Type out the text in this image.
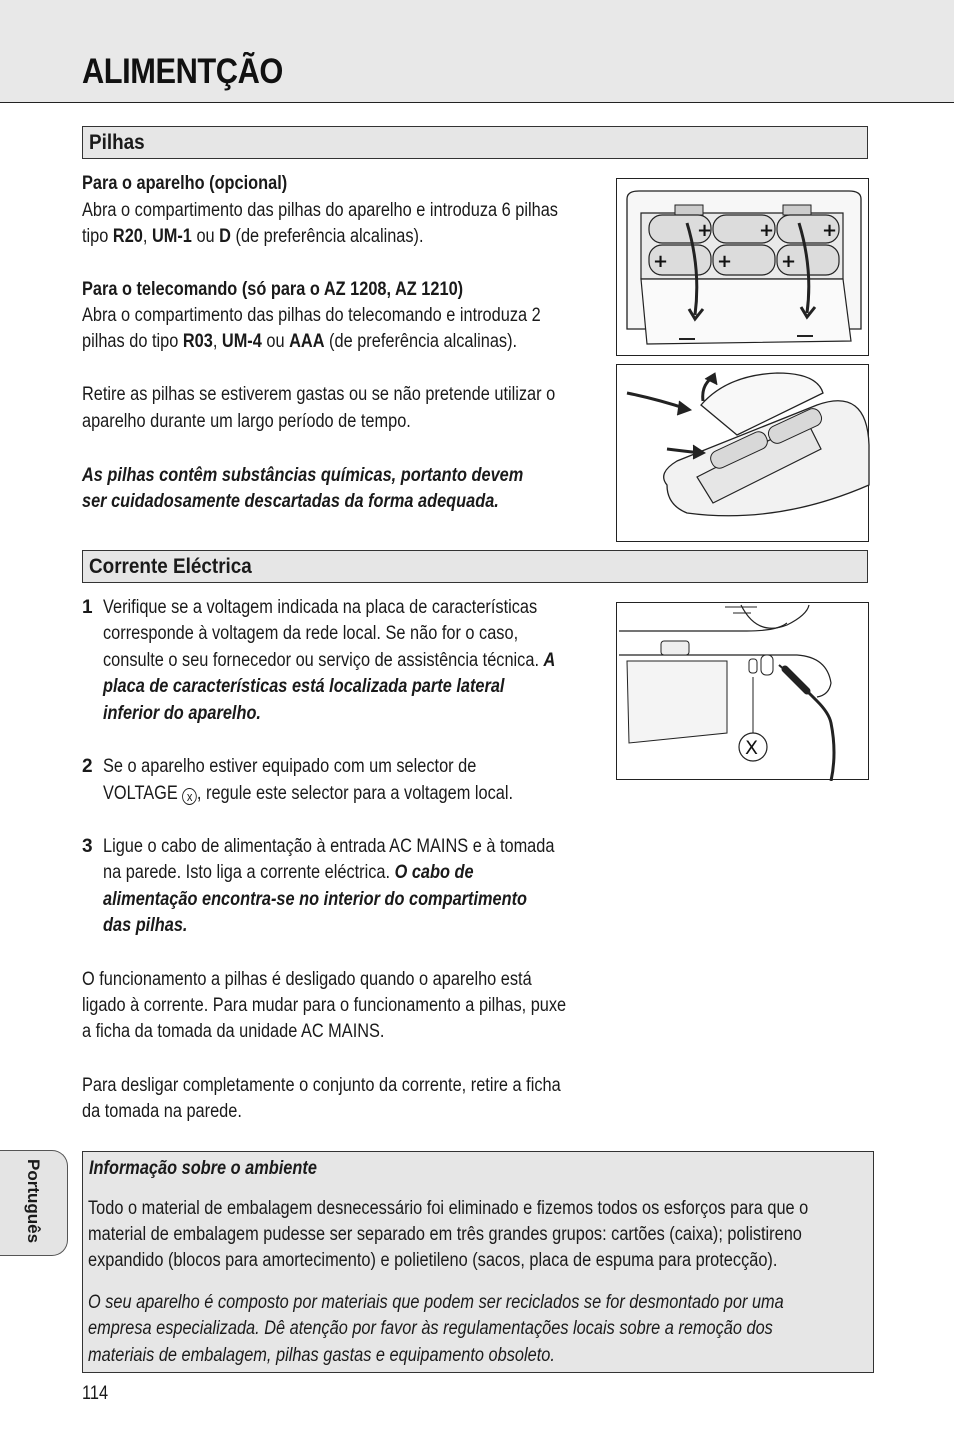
ALIMENTÇÃO
Pilhas
Para o aparelho (opcional)
Abra o compartimento das pilhas do aparelho e introduza 6 pilhas
tipo R20, UM-1 ou D (de preferência alcalinas).
Para o telecomando (só para o AZ 1208, AZ 1210)
Abra o compartimento das pilhas do telecomando e introduza 2
pilhas do tipo R03, UM-4 ou AAA (de preferência alcalinas).
Retire as pilhas se estiverem gastas ou se não pretende utilizar o
aparelho durante um largo período de tempo.
As pilhas contêm substâncias químicas, portanto devem
ser cuidadosamente descartadas da forma adequada.
+	+	+
+	+	+
Corrente Eléctrica
1 Verifique se a voltagem indicada na placa de características
corresponde à voltagem da rede local. Se não for o caso,
consulte o seu fornecedor ou serviço de assistência técnica. A
placa de características está localizada parte lateral
inferior do aparelho.
2 Se o aparelho estiver equipado com um selector de
VOLTAGE x , regule este selector para a voltagem local.
3 Ligue o cabo de alimentação à entrada AC MAINS e à tomada
na parede. Isto liga a corrente eléctrica. O cabo de
alimentação encontra-se no interior do compartimento
das pilhas.
O funcionamento a pilhas é desligado quando o aparelho está
ligado à corrente. Para mudar para o funcionamento a pilhas, puxe
a ficha da tomada da unidade AC MAINS.
Para desligar completamente o conjunto da corrente, retire a ficha
da tomada na parede.
X
Português Informação sobre o ambiente
Todo o material de embalagem desnecessário foi eliminado e fizemos todos os esforços para que o
material de embalagem pudesse ser separado em três grandes grupos: cartões (caixa); polistireno
expandido (blocos para amortecimento) e polietileno (sacos, placa de espuma para protecção).
O seu aparelho é composto por materiais que podem ser reciclados se for desmontado por uma
empresa especializada. Dê atenção por favor às regulamentações locais sobre a remoção dos
materiais de embalagem, pilhas gastas e equipamento obsoleto.
114
